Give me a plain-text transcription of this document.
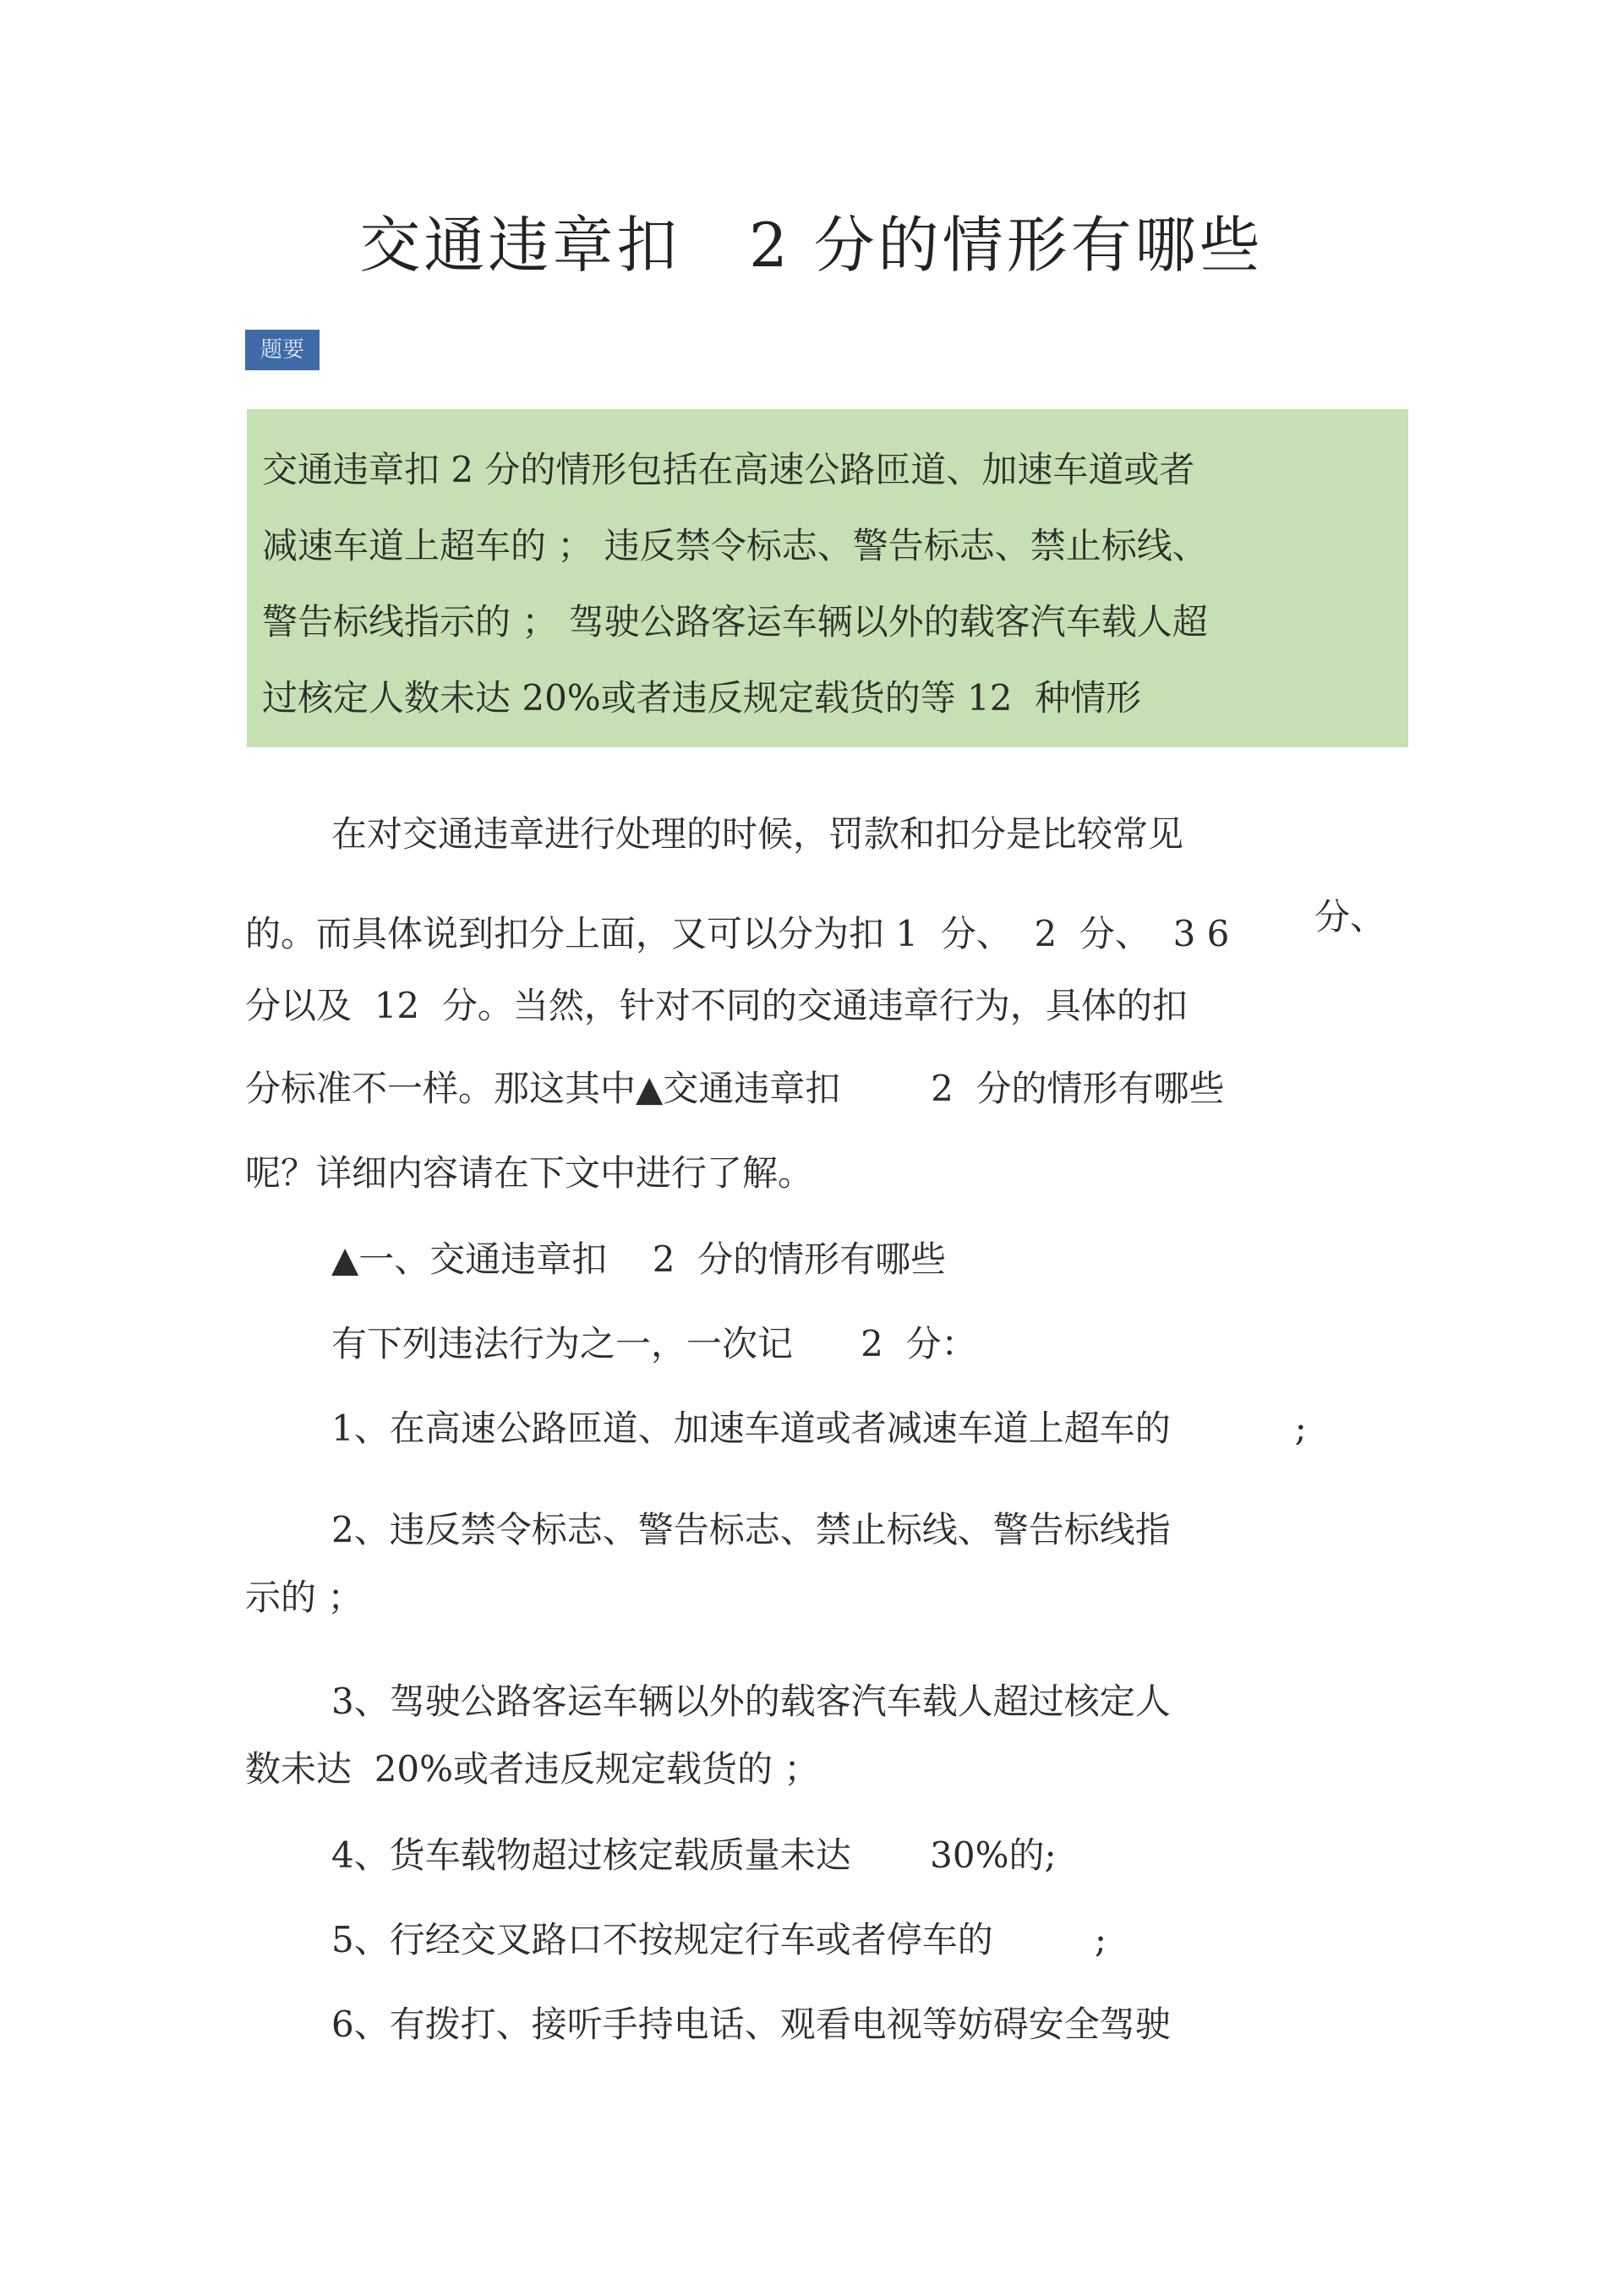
交通违章扣   2 分的情形有哪些
题要
交通违章扣 2 分的情形包括在高速公路匝道、加速车道或者
减速车道上超车的 ； 违反禁令标志、警告标志、禁止标线、
警告标线指示的 ； 驾驶公路客运车辆以外的载客汽车载人超
过核定人数未达 20%或者违反规定载货的等 12  种情形
在对交通违章进行处理的时候，罚款和扣分是比较常见
的。而具体说到扣分上面，又可以分为扣 1  分、  2  分、  3 6 分、
分以及  12  分。当然，针对不同的交通违章行为，具体的扣
分标准不一样。那这其中▲交通违章扣        2  分的情形有哪些
呢？详细内容请在下文中进行了解。
▲一、交通违章扣    2  分的情形有哪些
有下列违法行为之一，一次记      2  分：
1、在高速公路匝道、加速车道或者减速车道上超车的           ;
2、违反禁令标志、警告标志、禁止标线、警告标线指
示的 ；
3、驾驶公路客运车辆以外的载客汽车载人超过核定人
数未达  20%或者违反规定载货的 ；
4、货车载物超过核定载质量未达       30%的;
5、行经交叉路口不按规定行车或者停车的         ;
6、有拨打、接听手持电话、观看电视等妨碍安全驾驶
